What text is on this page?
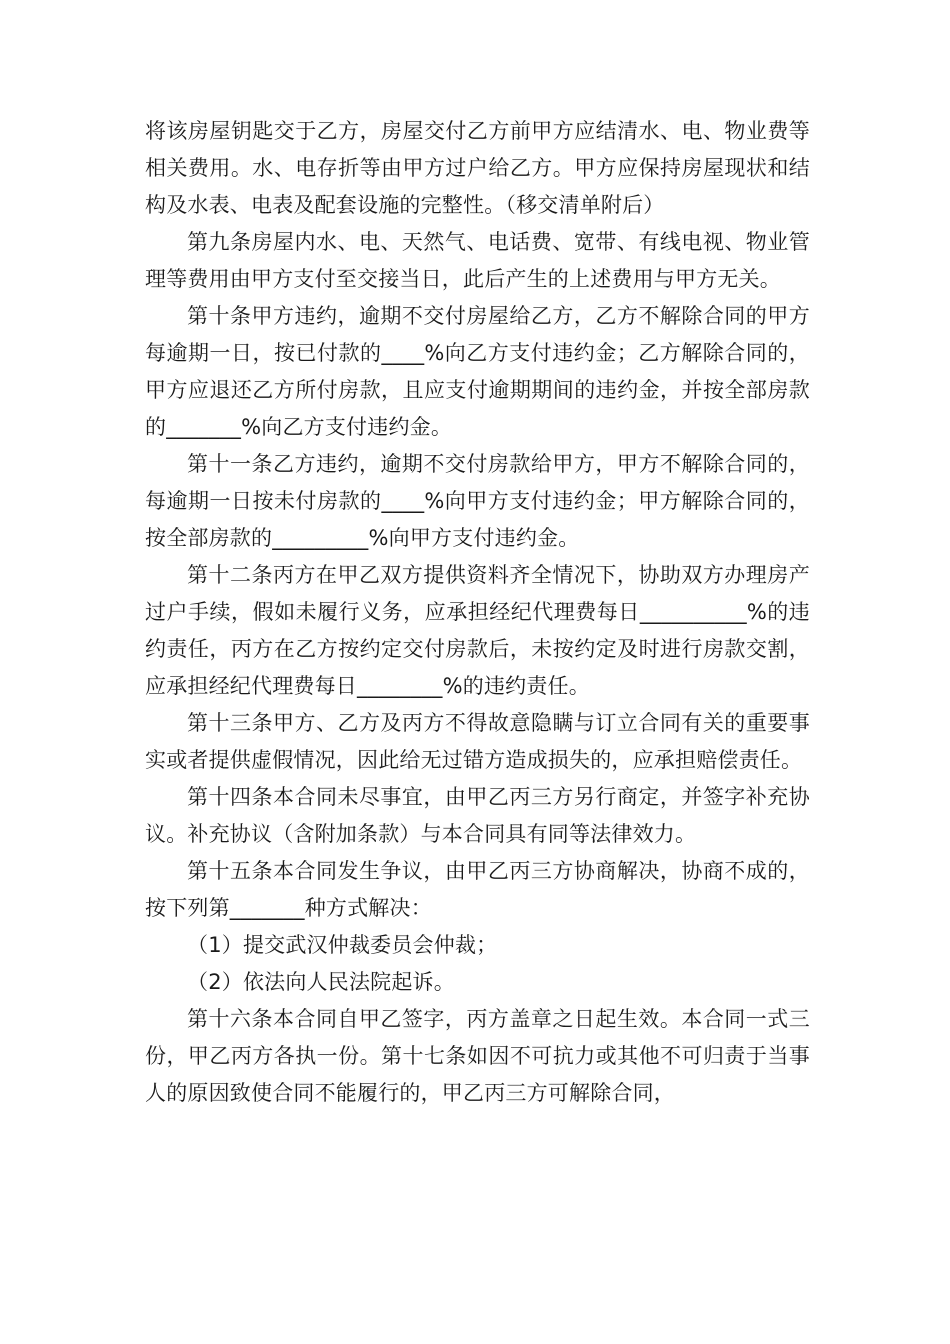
将该房屋钥匙交于乙方，房屋交付乙方前甲方应结清水、电、物业费等相关费用。水、电存折等由甲方过户给乙方。甲方应保持房屋现状和结构及水表、电表及配套设施的完整性。（移交清单附后）

第九条房屋内水、电、天然气、电话费、宽带、有线电视、物业管理等费用由甲方支付至交接当日，此后产生的上述费用与甲方无关。

第十条甲方违约，逾期不交付房屋给乙方，乙方不解除合同的甲方每逾期一日，按已付款的____%向乙方支付违约金；乙方解除合同的，甲方应退还乙方所付房款，且应支付逾期期间的违约金，并按全部房款的_______%向乙方支付违约金。

第十一条乙方违约，逾期不交付房款给甲方，甲方不解除合同的，每逾期一日按未付房款的____%向甲方支付违约金；甲方解除合同的，按全部房款的_________%向甲方支付违约金。

第十二条丙方在甲乙双方提供资料齐全情况下，协助双方办理房产过户手续，假如未履行义务，应承担经纪代理费每日__________%的违约责任，丙方在乙方按约定交付房款后，未按约定及时进行房款交割，应承担经纪代理费每日________%的违约责任。

第十三条甲方、乙方及丙方不得故意隐瞒与订立合同有关的重要事实或者提供虚假情况，因此给无过错方造成损失的，应承担赔偿责任。

第十四条本合同未尽事宜，由甲乙丙三方另行商定，并签字补充协议。补充协议（含附加条款）与本合同具有同等法律效力。

第十五条本合同发生争议，由甲乙丙三方协商解决，协商不成的，按下列第_______种方式解决：

（1）提交武汉仲裁委员会仲裁；

（2）依法向人民法院起诉。

第十六条本合同自甲乙签字，丙方盖章之日起生效。本合同一式三份，甲乙丙方各执一份。第十七条如因不可抗力或其他不可归责于当事人的原因致使合同不能履行的，甲乙丙三方可解除合同，
